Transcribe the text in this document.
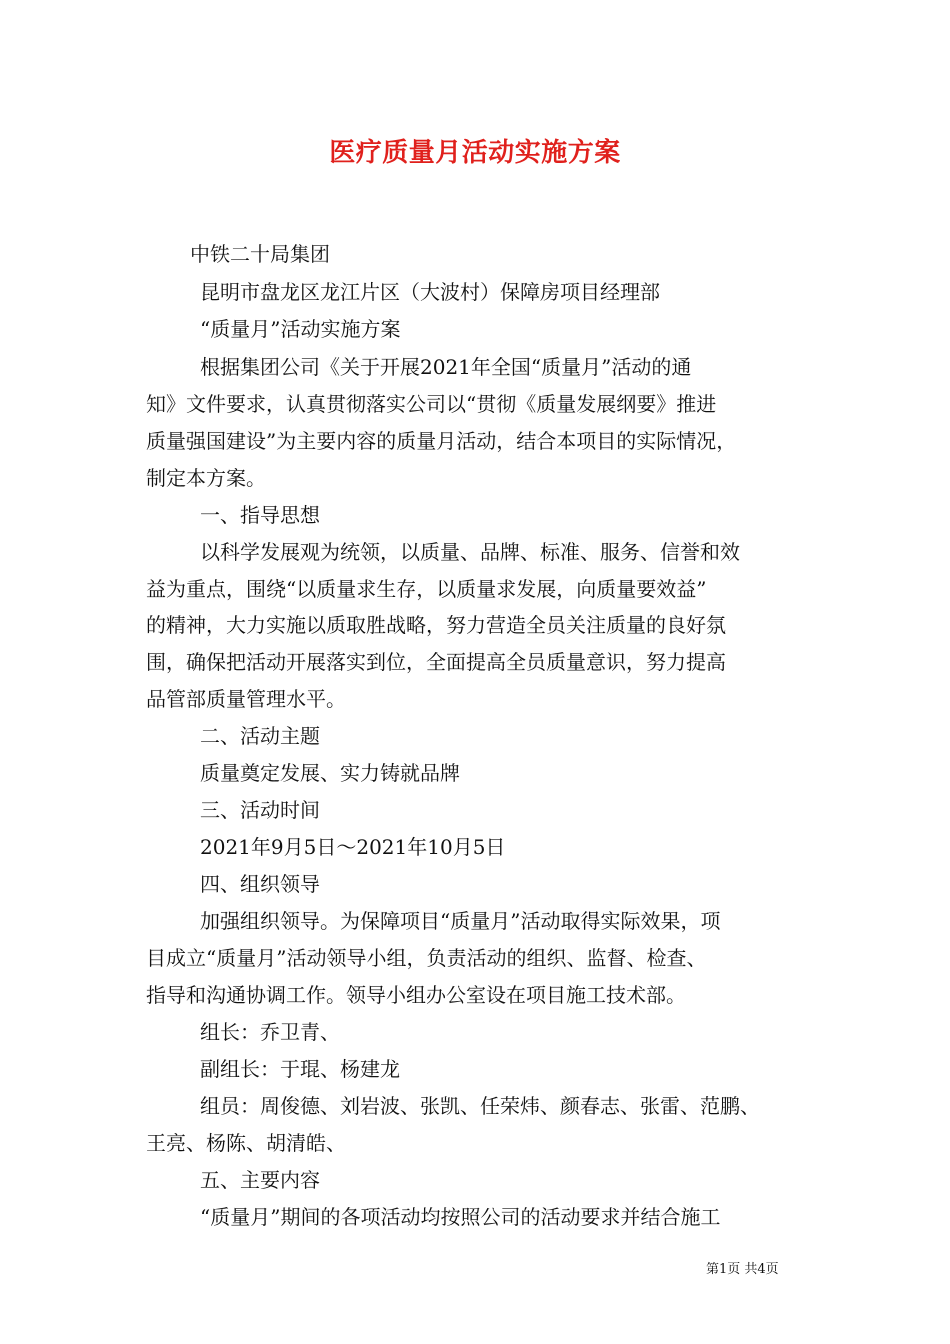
医疗质量月活动实施方案
中铁二十局集团
昆明市盘龙区龙江片区（大波村）保障房项目经理部
“质量月”活动实施方案
根据集团公司《关于开展2021年全国“质量月”活动的通
知》文件要求，认真贯彻落实公司以“贯彻《质量发展纲要》推进
质量强国建设”为主要内容的质量月活动，结合本项目的实际情况，
制定本方案。
一、指导思想
以科学发展观为统领，以质量、品牌、标准、服务、信誉和效
益为重点，围绕“以质量求生存，以质量求发展，向质量要效益”
的精神，大力实施以质取胜战略，努力营造全员关注质量的良好氛
围，确保把活动开展落实到位，全面提高全员质量意识，努力提高
品管部质量管理水平。
二、活动主题
质量奠定发展、实力铸就品牌
三、活动时间
2021年9月5日～2021年10月5日
四、组织领导
加强组织领导。为保障项目“质量月”活动取得实际效果，项
目成立“质量月”活动领导小组，负责活动的组织、监督、检查、
指导和沟通协调工作。领导小组办公室设在项目施工技术部。
组长：乔卫青、
副组长：于琨、杨建龙
组员：周俊德、刘岩波、张凯、任荣炜、颜春志、张雷、范鹏、
王亮、杨陈、胡清皓、
五、主要内容
“质量月”期间的各项活动均按照公司的活动要求并结合施工
第1页 共4页
